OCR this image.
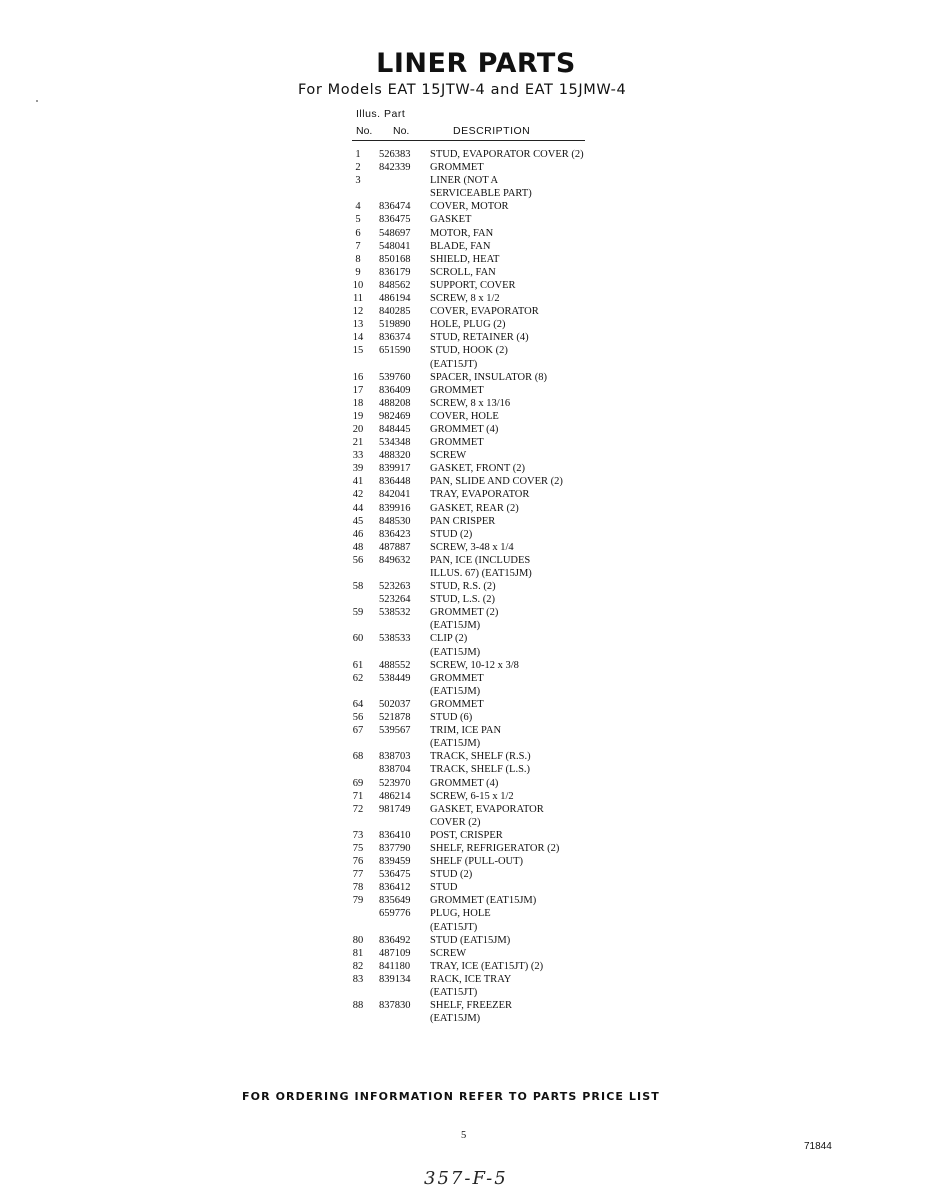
LINER PARTS
For Models EAT 15JTW-4 and EAT 15JMW-4
Illus. Part
No. No.	DESCRIPTION
1	526383 STUD, EVAPORATOR COVER (2)
2	842339 GROMMET
3	LINER (NOT A
SERVICEABLE PART)
4	836474 COVER, MOTOR
5	836475 GASKET
6	548697 MOTOR, FAN
7	548041 BLADE, FAN
8	850168 SHIELD, HEAT
9	836179 SCROLL, FAN
10	848562 SUPPORT, COVER
11	486194 SCREW, 8 x 1/2
12	840285 COVER, EVAPORATOR
13	519890 HOLE, PLUG (2)
14	836374 STUD, RETAINER (4)
15	651590 STUD, HOOK (2)
(EAT15JT)
16	539760 SPACER, INSULATOR (8)
17	836409 GROMMET
18	488208 SCREW, 8 x 13/16
19	982469 COVER, HOLE
20	848445 GROMMET (4)
21	534348 GROMMET
33	488320 SCREW
39	839917 GASKET, FRONT (2)
41	836448 PAN, SLIDE AND COVER (2)
42	842041 TRAY, EVAPORATOR
44	839916 GASKET, REAR (2)
45	848530 PAN CRISPER
46	836423 STUD (2)
48	487887 SCREW, 3-48 x 1/4
56	849632 PAN, ICE (INCLUDES
ILLUS. 67) (EAT15JM)
58	523263 STUD, R.S. (2)
523264 STUD, L.S. (2)
59	538532 GROMMET (2)
(EAT15JM)
60	538533 CLIP (2)
(EAT15JM)
61	488552 SCREW, 10-12 x 3/8
62	538449 GROMMET
(EAT15JM)
64	502037 GROMMET
56	521878 STUD (6)
67	539567 TRIM, ICE PAN
(EAT15JM)
68	838703 TRACK, SHELF (R.S.)
838704 TRACK, SHELF (L.S.)
69	523970 GROMMET (4)
71	486214 SCREW, 6-15 x 1/2
72	981749 GASKET, EVAPORATOR
COVER (2)
73	836410 POST, CRISPER
75	837790 SHELF, REFRIGERATOR (2)
76	839459 SHELF (PULL-OUT)
77	536475 STUD (2)
78	836412 STUD
79	835649 GROMMET (EAT15JM)
659776 PLUG, HOLE
(EAT15JT)
80	836492 STUD (EAT15JM)
81	487109 SCREW
82	841180 TRAY, ICE (EAT15JT) (2)
83	839134 RACK, ICE TRAY
(EAT15JT)
88	837830 SHELF, FREEZER
(EAT15JM)
FOR ORDERING INFORMATION REFER TO PARTS PRICE LIST
5
71844
357-F-5
